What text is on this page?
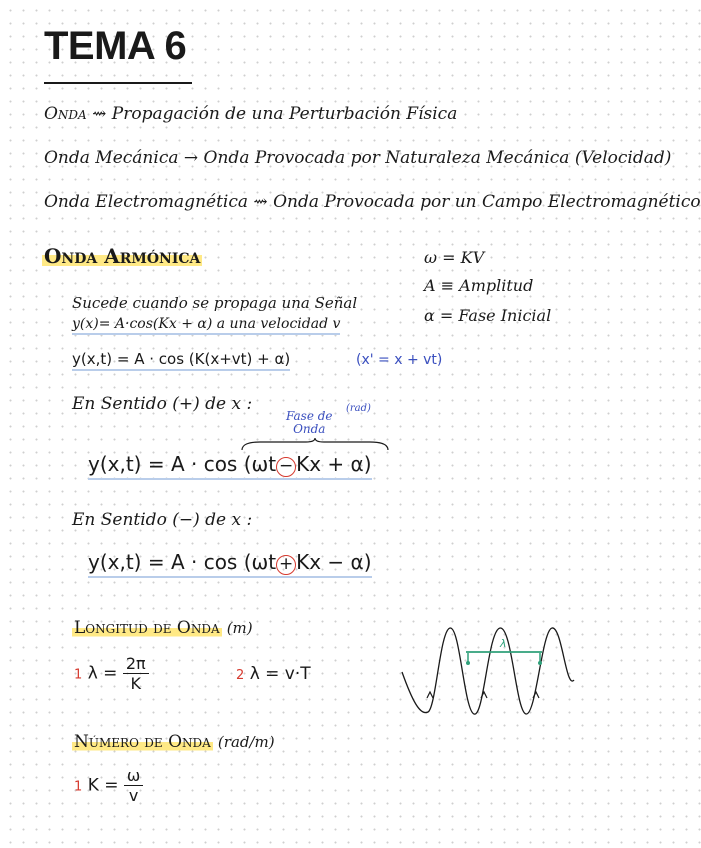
TEMA 6
Onda ⇝ Propagación de una Perturbación Física
Onda Mecánica → Onda Provocada por Naturaleza Mecánica (Velocidad)
Onda Electromagnética ⇝ Onda Provocada por un Campo Electromagnético
Onda Armónica	ω = KV
A ≡ Amplitud
α = Fase Inicial
Sucede cuando se propaga una Señal
y(x)= A·cos(Kx + α) a una velocidad v
y(x,t) = A · cos (K(x+vt) + α)	(x' = x + vt)
En Sentido (+) de x :
Fase de
Onda
(rad)
y(x,t) = A · cos (ωt − Kx + α)
En Sentido (−) de x :
y(x,t) = A · cos (ωt + Kx − α)
Longitud de Onda (m)
1 $\lambda = \frac{2\pi}{K}$	2 λ = v·T
λ
Número de Onda (rad/m)
1 $K = \frac{\omega}{v}$
